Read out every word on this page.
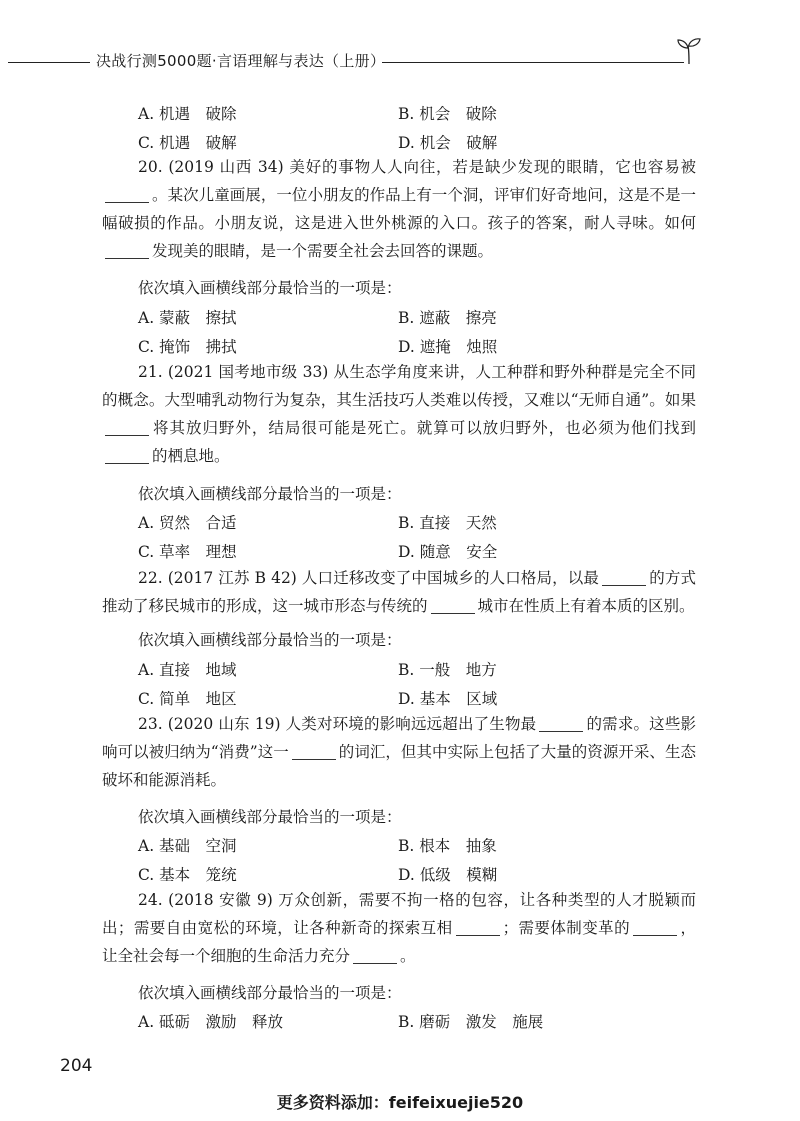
决战行测5000题·言语理解与表达（上册）
A. 机遇　破除	B. 机会　破除
C. 机遇　破解	D. 机会　破解
20. (2019 山西 34) 美好的事物人人向往，若是缺少发现的眼睛，它也容易被。某次儿童画展，一位小朋友的作品上有一个洞，评审们好奇地问，这是不是一幅破损的作品。小朋友说，这是进入世外桃源的入口。孩子的答案，耐人寻味。如何发现美的眼睛，是一个需要全社会去回答的课题。
依次填入画横线部分最恰当的一项是：
A. 蒙蔽　擦拭	B. 遮蔽　擦亮
C. 掩饰　拂拭	D. 遮掩　烛照
21. (2021 国考地市级 33) 从生态学角度来讲，人工种群和野外种群是完全不同的概念。大型哺乳动物行为复杂，其生活技巧人类难以传授，又难以“无师自通”。如果将其放归野外，结局很可能是死亡。就算可以放归野外，也必须为他们找到的栖息地。
依次填入画横线部分最恰当的一项是：
A. 贸然　合适	B. 直接　天然
C. 草率　理想	D. 随意　安全
22. (2017 江苏 B 42) 人口迁移改变了中国城乡的人口格局，以最	的方式推动了移民城市的形成，这一城市形态与传统的	城市在性质上有着本质的区别。
依次填入画横线部分最恰当的一项是：
A. 直接　地域	B. 一般　地方
C. 简单　地区	D. 基本　区域
23. (2020 山东 19) 人类对环境的影响远远超出了生物最	的需求。这些影响可以被归纳为“消费”这一	的词汇，但其中实际上包括了大量的资源开采、生态破坏和能源消耗。
依次填入画横线部分最恰当的一项是：
A. 基础　空洞	B. 根本　抽象
C. 基本　笼统	D. 低级　模糊
24. (2018 安徽 9) 万众创新，需要不拘一格的包容，让各种类型的人才脱颖而出；需要自由宽松的环境，让各种新奇的探索互相	；需要体制变革的	，让全社会每一个细胞的生命活力充分	。
依次填入画横线部分最恰当的一项是：
A. 砥砺　激励　释放	B. 磨砺　激发　施展
204
更多资料添加：feifeixuejie520
